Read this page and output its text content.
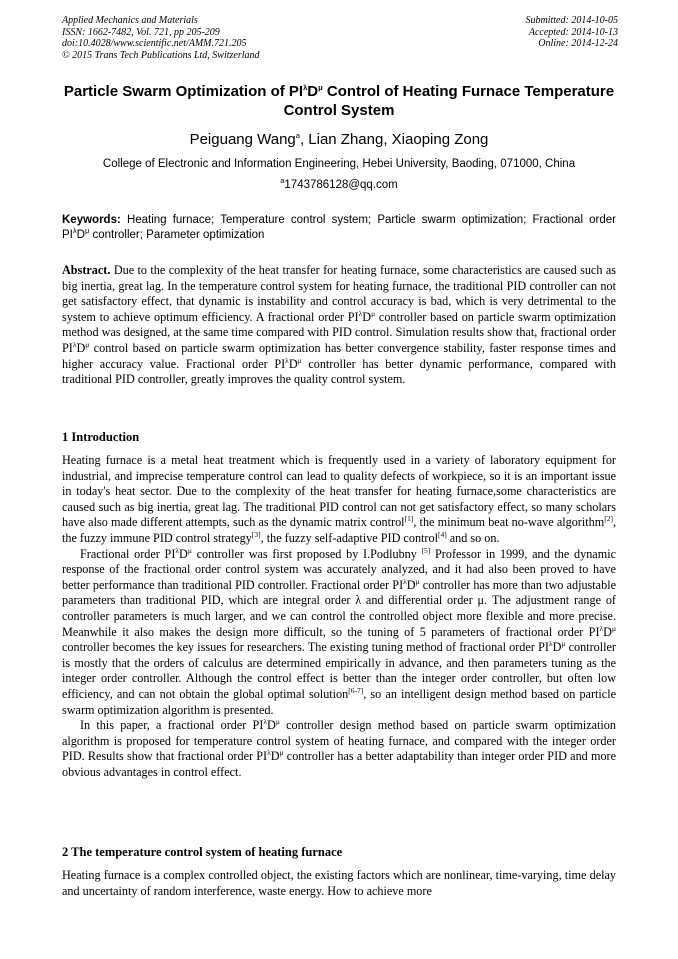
Applied Mechanics and Materials
ISSN: 1662-7482, Vol. 721, pp 205-209
doi:10.4028/www.scientific.net/AMM.721.205
© 2015 Trans Tech Publications Ltd, Switzerland
Submitted: 2014-10-05
Accepted: 2014-10-13
Online: 2014-12-24
Particle Swarm Optimization of $PI^\lambda D^\mu$ Control of Heating Furnace Temperature Control System
Peiguang Wang$^a$, Lian Zhang, Xiaoping Zong
College of Electronic and Information Engineering, Hebei University, Baoding, 071000, China
$^a$1743786128@qq.com
Keywords: Heating furnace; Temperature control system; Particle swarm optimization; Fractional order $PI^\lambda D^\mu$ controller; Parameter optimization

Abstract. Due to the complexity of the heat transfer for heating furnace, some characteristics are caused such as big inertia, great lag. In the temperature control system for heating furnace, the traditional PID controller can not get satisfactory effect, that dynamic is instability and control accuracy is bad, which is very detrimental to the system to achieve optimum efficiency. A fractional order $PI^\lambda D^\mu$ controller based on particle swarm optimization method was designed, at the same time compared with PID control. Simulation results show that, fractional order $PI^\lambda D^\mu$ control based on particle swarm optimization has better convergence stability, faster response times and higher accuracy value. Fractional order $PI^\lambda D^\mu$ controller has better dynamic performance, compared with traditional PID controller, greatly improves the quality control system.

1 Introduction

Heating furnace is a metal heat treatment which is frequently used in a variety of laboratory equipment for industrial, and imprecise temperature control can lead to quality defects of workpiece, so it is an important issue in today's heat sector. Due to the complexity of the heat transfer for heating furnace,some characteristics are caused such as big inertia, great lag. The traditional PID control can not get satisfactory effect, so many scholars have also made different attempts, such as the dynamic matrix control[1], the minimum beat no-wave algorithm[2], the fuzzy immune PID control strategy[3], the fuzzy self-adaptive PID control[4] and so on.

Fractional order $PI^\lambda D^\mu$ controller was first proposed by I.Podlubny [5] Professor in 1999, and the dynamic response of the fractional order control system was accurately analyzed, and it had also been proved to have better performance than traditional PID controller. Fractional order $PI^\lambda D^\mu$ controller has more than two adjustable parameters than traditional PID, which are integral order λ and differential order μ. The adjustment range of controller parameters is much larger, and we can control the controlled object more flexible and more precise. Meanwhile it also makes the design more difficult, so the tuning of 5 parameters of fractional order $PI^\lambda D^\mu$ controller becomes the key issues for researchers. The existing tuning method of fractional order $PI^\lambda D^\mu$ controller is mostly that the orders of calculus are determined empirically in advance, and then parameters tuning as the integer order controller. Although the control effect is better than the integer order controller, but often low efficiency, and can not obtain the global optimal solution[6-7], so an intelligent design method based on particle swarm optimization algorithm is presented.

In this paper, a fractional order $PI^\lambda D^\mu$ controller design method based on particle swarm optimization algorithm is proposed for temperature control system of heating furnace, and compared with the integer order PID. Results show that fractional order $PI^\lambda D^\mu$ controller has a better adaptability than integer order PID and more obvious advantages in control effect.

2 The temperature control system of heating furnace

Heating furnace is a complex controlled object, the existing factors which are nonlinear, time-varying, time delay and uncertainty of random interference, waste energy. How to achieve more
